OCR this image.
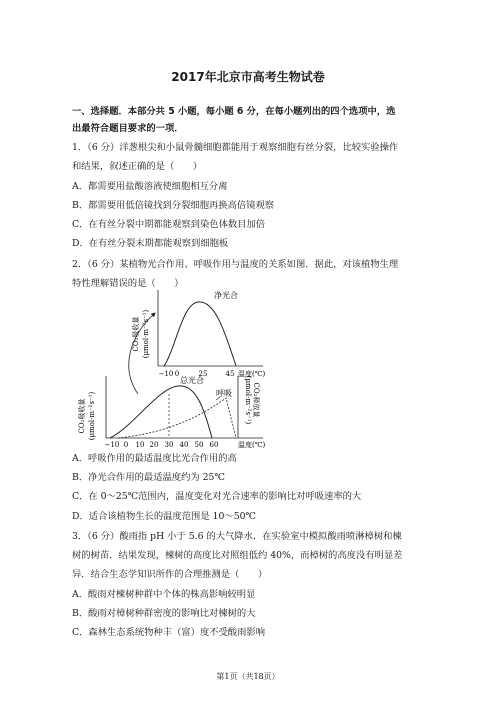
2017年北京市高考生物试卷
一、选择题．本部分共 5 小题，每小题 6 分，在每小题列出的四个选项中，选
出最符合题目要求的一项．
1．（6 分）洋葱根尖和小鼠骨髓细胞都能用于观察细胞有丝分裂，比较实验操作
和结果，叙述正确的是（　　）
A．都需要用盐酸溶液使细胞相互分离
B．都需要用低倍镜找到分裂细胞再换高倍镜观察
C．在有丝分裂中期都能观察到染色体数目加倍
D．在有丝分裂末期都能观察到细胞板
2．（6 分）某植物光合作用、呼吸作用与温度的关系如图．据此，对该植物生理
特性理解错误的是（　　）
CO₂吸收量 (μmol·m⁻²s⁻¹)
净光合
−10 0	25	45 温度(℃)
CO₂吸收量 (μmol·m⁻²s⁻¹)
总光合
呼吸	CO₂释放量
(μmol·m⁻²s⁻¹)
−10 0 10 20 30 40 50 60	温度(℃)
A．呼吸作用的最适温度比光合作用的高
B．净光合作用的最适温度约为 25℃
C．在 0～25℃范围内，温度变化对光合速率的影响比对呼吸速率的大
D．适合该植物生长的温度范围是 10～50℃
3．（6 分）酸雨指 pH 小于 5.6 的大气降水．在实验室中模拟酸雨喷淋樟树和楝
树的树苗．结果发现，楝树的高度比对照组低约 40%，而樟树的高度没有明显差
异．结合生态学知识所作的合理推测是（　　）
A．酸雨对楝树种群中个体的株高影响较明显
B．酸雨对樟树种群密度的影响比对楝树的大
C．森林生态系统物种丰（富）度不受酸雨影响
第1页（共18页）
